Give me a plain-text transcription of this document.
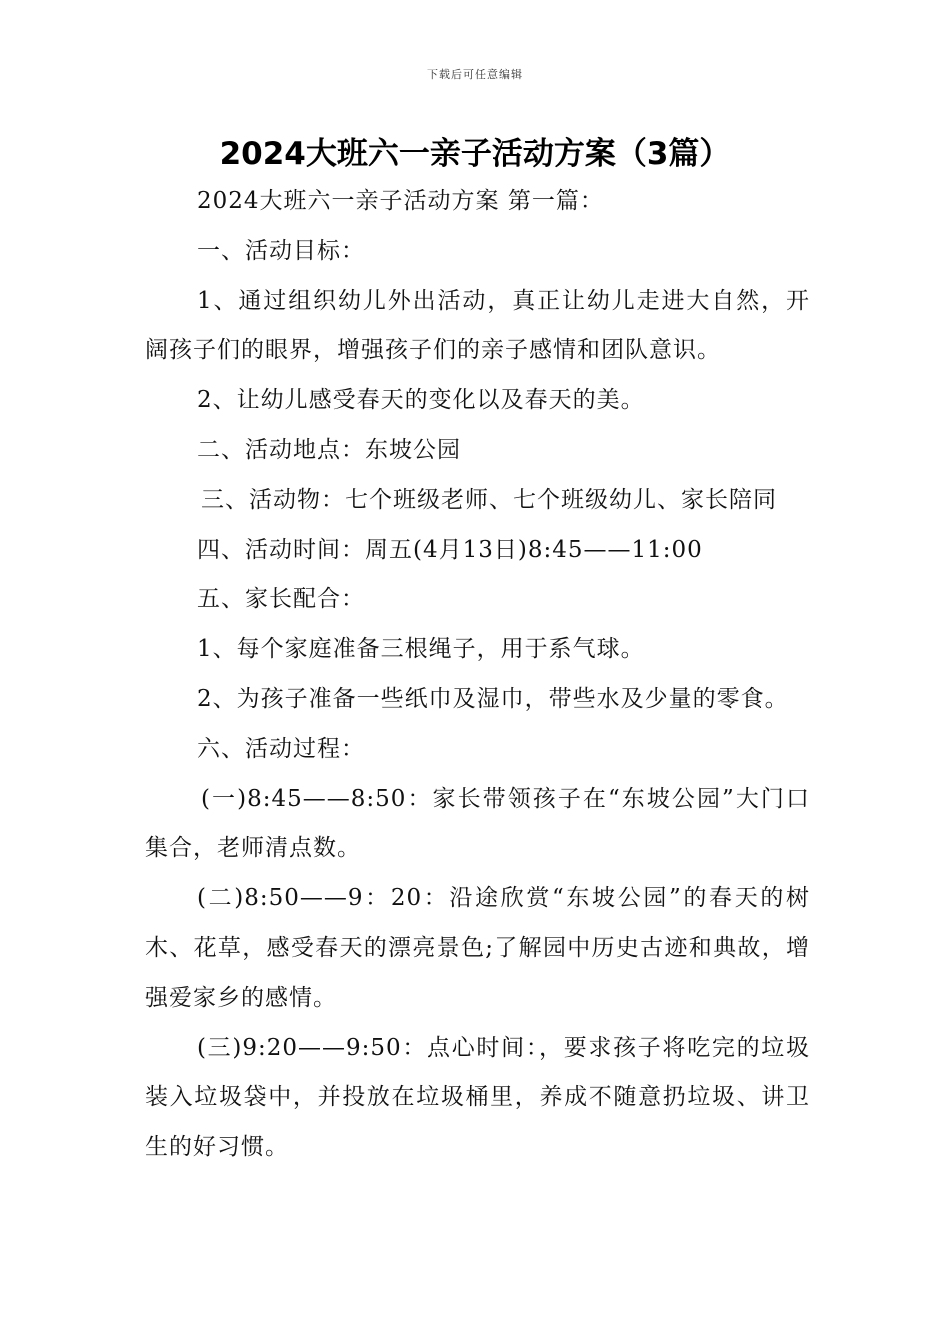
下载后可任意编辑
2024大班六一亲子活动方案（3篇）

2024大班六一亲子活动方案 第一篇：

一、活动目标：

1、通过组织幼儿外出活动，真正让幼儿走进大自然，开阔孩子们的眼界，增强孩子们的亲子感情和团队意识。

2、让幼儿感受春天的变化以及春天的美。

二、活动地点：东坡公园

三、活动物：七个班级老师、七个班级幼儿、家长陪同

四、活动时间：周五(4月13日)8:45——11:00

五、家长配合：

1、每个家庭准备三根绳子，用于系气球。

2、为孩子准备一些纸巾及湿巾，带些水及少量的零食。

六、活动过程：

(一)8:45——8:50：家长带领孩子在“东坡公园”大门口集合，老师清点数。

(二)8:50——9：20：沿途欣赏“东坡公园”的春天的树木、花草，感受春天的漂亮景色;了解园中历史古迹和典故，增强爱家乡的感情。

(三)9:20——9:50：点心时间：，要求孩子将吃完的垃圾装入垃圾袋中，并投放在垃圾桶里，养成不随意扔垃圾、讲卫生的好习惯。
